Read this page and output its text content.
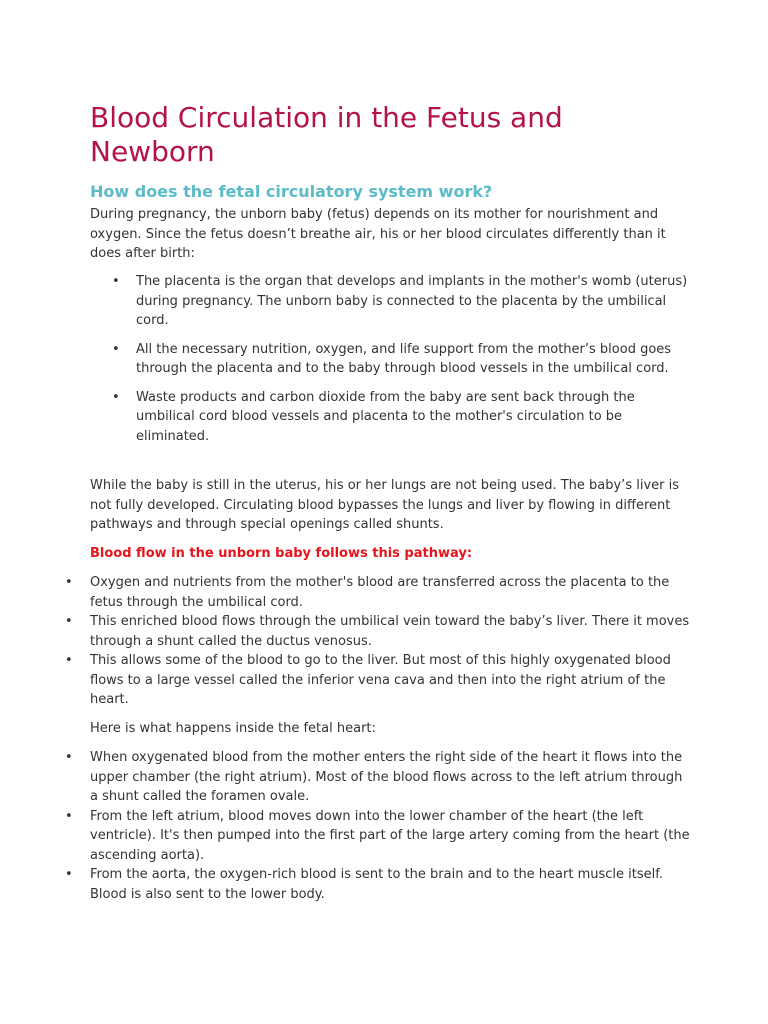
Blood Circulation in the Fetus and Newborn
How does the fetal circulatory system work?

During pregnancy, the unborn baby (fetus) depends on its mother for nourishment and oxygen. Since the fetus doesn’t breathe air, his or her blood circulates differently than it does after birth:

• The placenta is the organ that develops and implants in the mother's womb (uterus) during pregnancy. The unborn baby is connected to the placenta by the umbilical cord.
• All the necessary nutrition, oxygen, and life support from the mother’s blood goes through the placenta and to the baby through blood vessels in the umbilical cord.
• Waste products and carbon dioxide from the baby are sent back through the umbilical cord blood vessels and placenta to the mother's circulation to be eliminated.

While the baby is still in the uterus, his or her lungs are not being used. The baby’s liver is not fully developed. Circulating blood bypasses the lungs and liver by flowing in different pathways and through special openings called shunts.

Blood flow in the unborn baby follows this pathway:

• Oxygen and nutrients from the mother's blood are transferred across the placenta to the fetus through the umbilical cord.
• This enriched blood flows through the umbilical vein toward the baby’s liver. There it moves through a shunt called the ductus venosus.
• This allows some of the blood to go to the liver. But most of this highly oxygenated blood flows to a large vessel called the inferior vena cava and then into the right atrium of the heart.

Here is what happens inside the fetal heart:

• When oxygenated blood from the mother enters the right side of the heart it flows into the upper chamber (the right atrium). Most of the blood flows across to the left atrium through a shunt called the foramen ovale.
• From the left atrium, blood moves down into the lower chamber of the heart (the left ventricle). It's then pumped into the first part of the large artery coming from the heart (the ascending aorta).
• From the aorta, the oxygen-rich blood is sent to the brain and to the heart muscle itself. Blood is also sent to the lower body.
